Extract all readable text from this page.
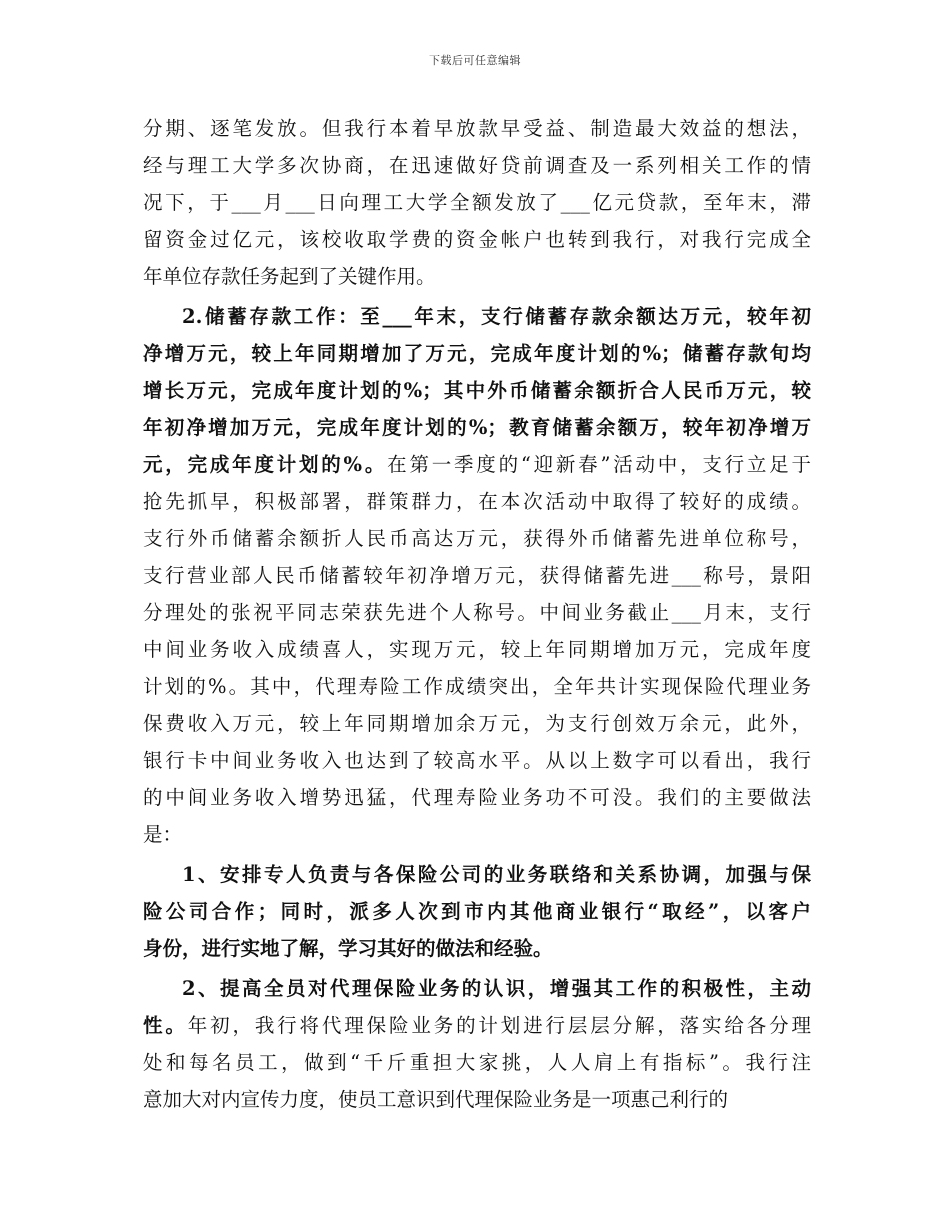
下载后可任意编辑
分期、逐笔发放。但我行本着早放款早受益、制造最大效益的想法，
经与理工大学多次协商，在迅速做好贷前调查及一系列相关工作的情
况下，于___月___日向理工大学全额发放了___亿元贷款，至年末，滞
留资金过亿元，该校收取学费的资金帐户也转到我行，对我行完成全
年单位存款任务起到了关键作用。
2.储蓄存款工作：至___年末，支行储蓄存款余额达万元，较年初
净增万元，较上年同期增加了万元，完成年度计划的%；储蓄存款旬均
增长万元，完成年度计划的%；其中外币储蓄余额折合人民币万元，较
年初净增加万元，完成年度计划的%；教育储蓄余额万，较年初净增万
元，完成年度计划的%。在第一季度的“迎新春”活动中，支行立足于
抢先抓早，积极部署，群策群力，在本次活动中取得了较好的成绩。
支行外币储蓄余额折人民币高达万元，获得外币储蓄先进单位称号，
支行营业部人民币储蓄较年初净增万元，获得储蓄先进___称号，景阳
分理处的张祝平同志荣获先进个人称号。中间业务截止___月末，支行
中间业务收入成绩喜人，实现万元，较上年同期增加万元，完成年度
计划的%。其中，代理寿险工作成绩突出，全年共计实现保险代理业务
保费收入万元，较上年同期增加余万元，为支行创效万余元，此外，
银行卡中间业务收入也达到了较高水平。从以上数字可以看出，我行
的中间业务收入增势迅猛，代理寿险业务功不可没。我们的主要做法
是：
1、安排专人负责与各保险公司的业务联络和关系协调，加强与保
险公司合作；同时，派多人次到市内其他商业银行“取经”，以客户
身份，进行实地了解，学习其好的做法和经验。
2、提高全员对代理保险业务的认识，增强其工作的积极性，主动
性。年初，我行将代理保险业务的计划进行层层分解，落实给各分理
处和每名员工，做到“千斤重担大家挑，人人肩上有指标”。我行注
意加大对内宣传力度，使员工意识到代理保险业务是一项惠己利行的
